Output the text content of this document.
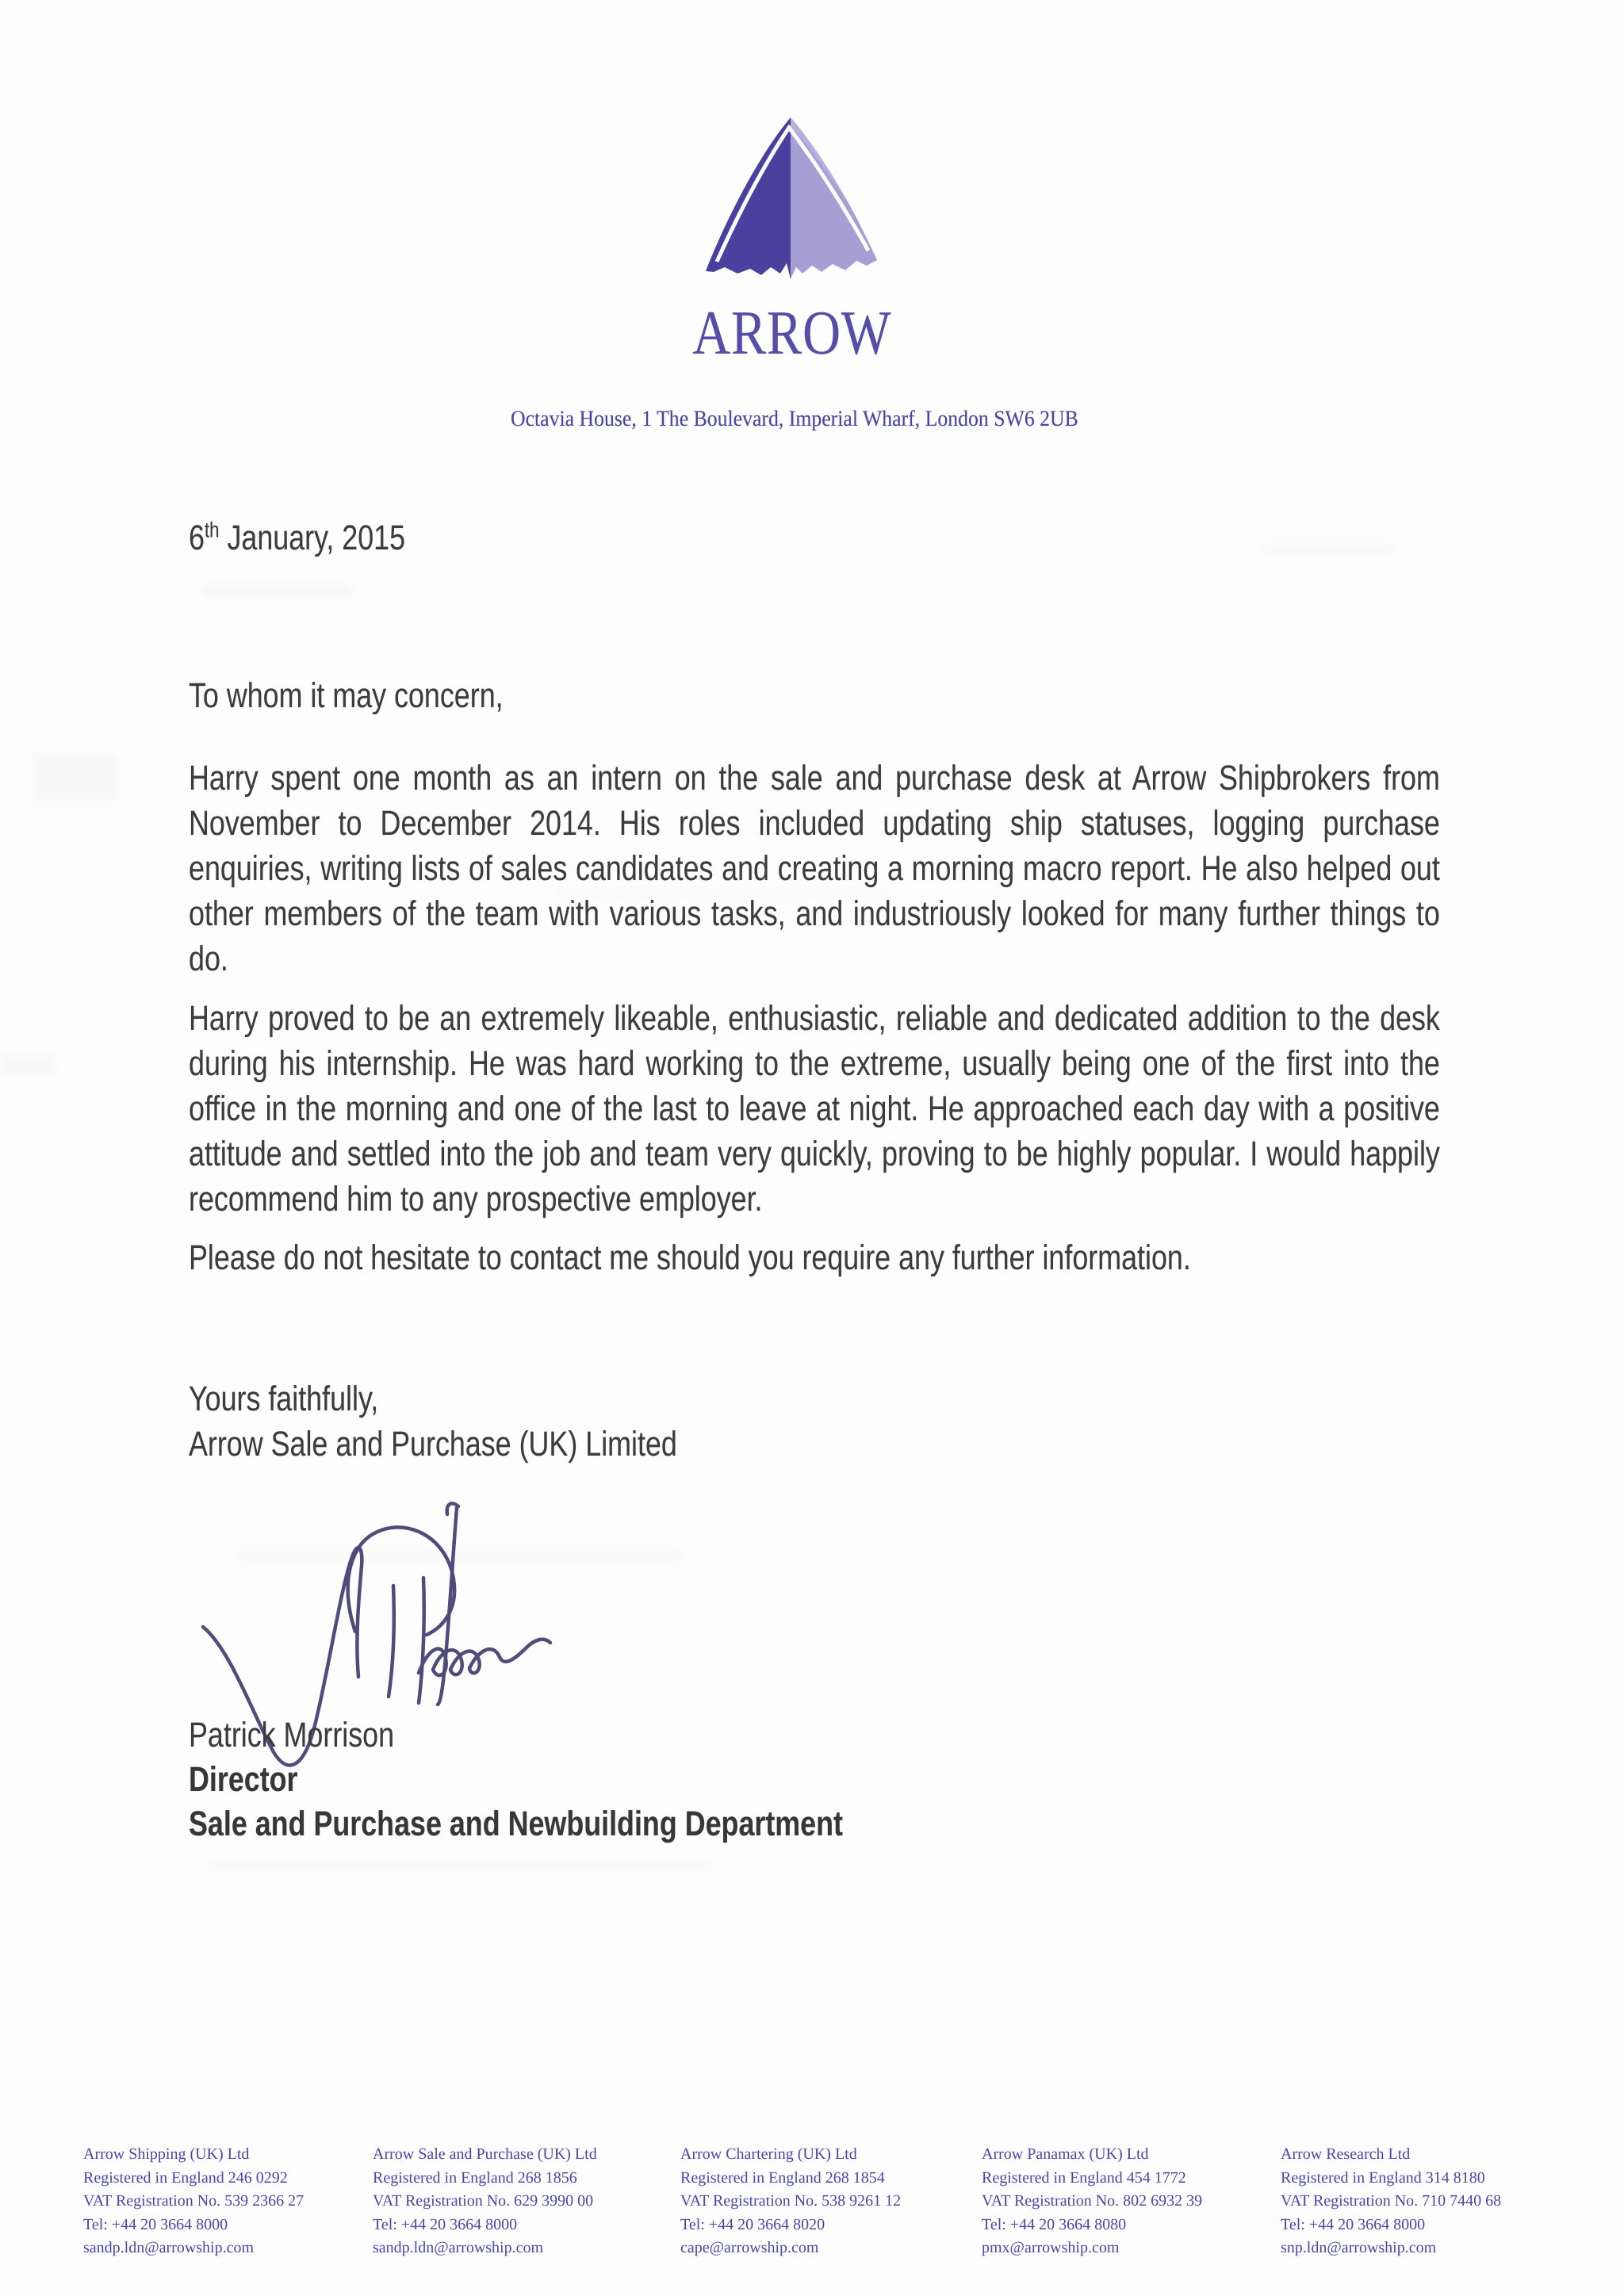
ARROW
Octavia House, 1 The Boulevard, Imperial Wharf, London SW6 2UB
6th January, 2015
To whom it may concern,

Harry spent one month as an intern on the sale and purchase desk at Arrow Shipbrokers from November to December 2014. His roles included updating ship statuses, logging purchase enquiries, writing lists of sales candidates and creating a morning macro report. He also helped out other members of the team with various tasks, and industriously looked for many further things to do.

Harry proved to be an extremely likeable, enthusiastic, reliable and dedicated addition to the desk during his internship. He was hard working to the extreme, usually being one of the first into the office in the morning and one of the last to leave at night. He approached each day with a positive attitude and settled into the job and team very quickly, proving to be highly popular. I would happily recommend him to any prospective employer.

Please do not hesitate to contact me should you require any further information.

Yours faithfully,
Arrow Sale and Purchase (UK) Limited
Patrick Morrison
Director
Sale and Purchase and Newbuilding Department
Arrow Shipping (UK) Ltd
Registered in England 246 0292
VAT Registration No. 539 2366 27
Tel: +44 20 3664 8000
sandp.ldn@arrowship.com
Arrow Sale and Purchase (UK) Ltd
Registered in England 268 1856
VAT Registration No. 629 3990 00
Tel: +44 20 3664 8000
sandp.ldn@arrowship.com
Arrow Chartering (UK) Ltd
Registered in England 268 1854
VAT Registration No. 538 9261 12
Tel: +44 20 3664 8020
cape@arrowship.com
Arrow Panamax (UK) Ltd
Registered in England 454 1772
VAT Registration No. 802 6932 39
Tel: +44 20 3664 8080
pmx@arrowship.com
Arrow Research Ltd
Registered in England 314 8180
VAT Registration No. 710 7440 68
Tel: +44 20 3664 8000
snp.ldn@arrowship.com
